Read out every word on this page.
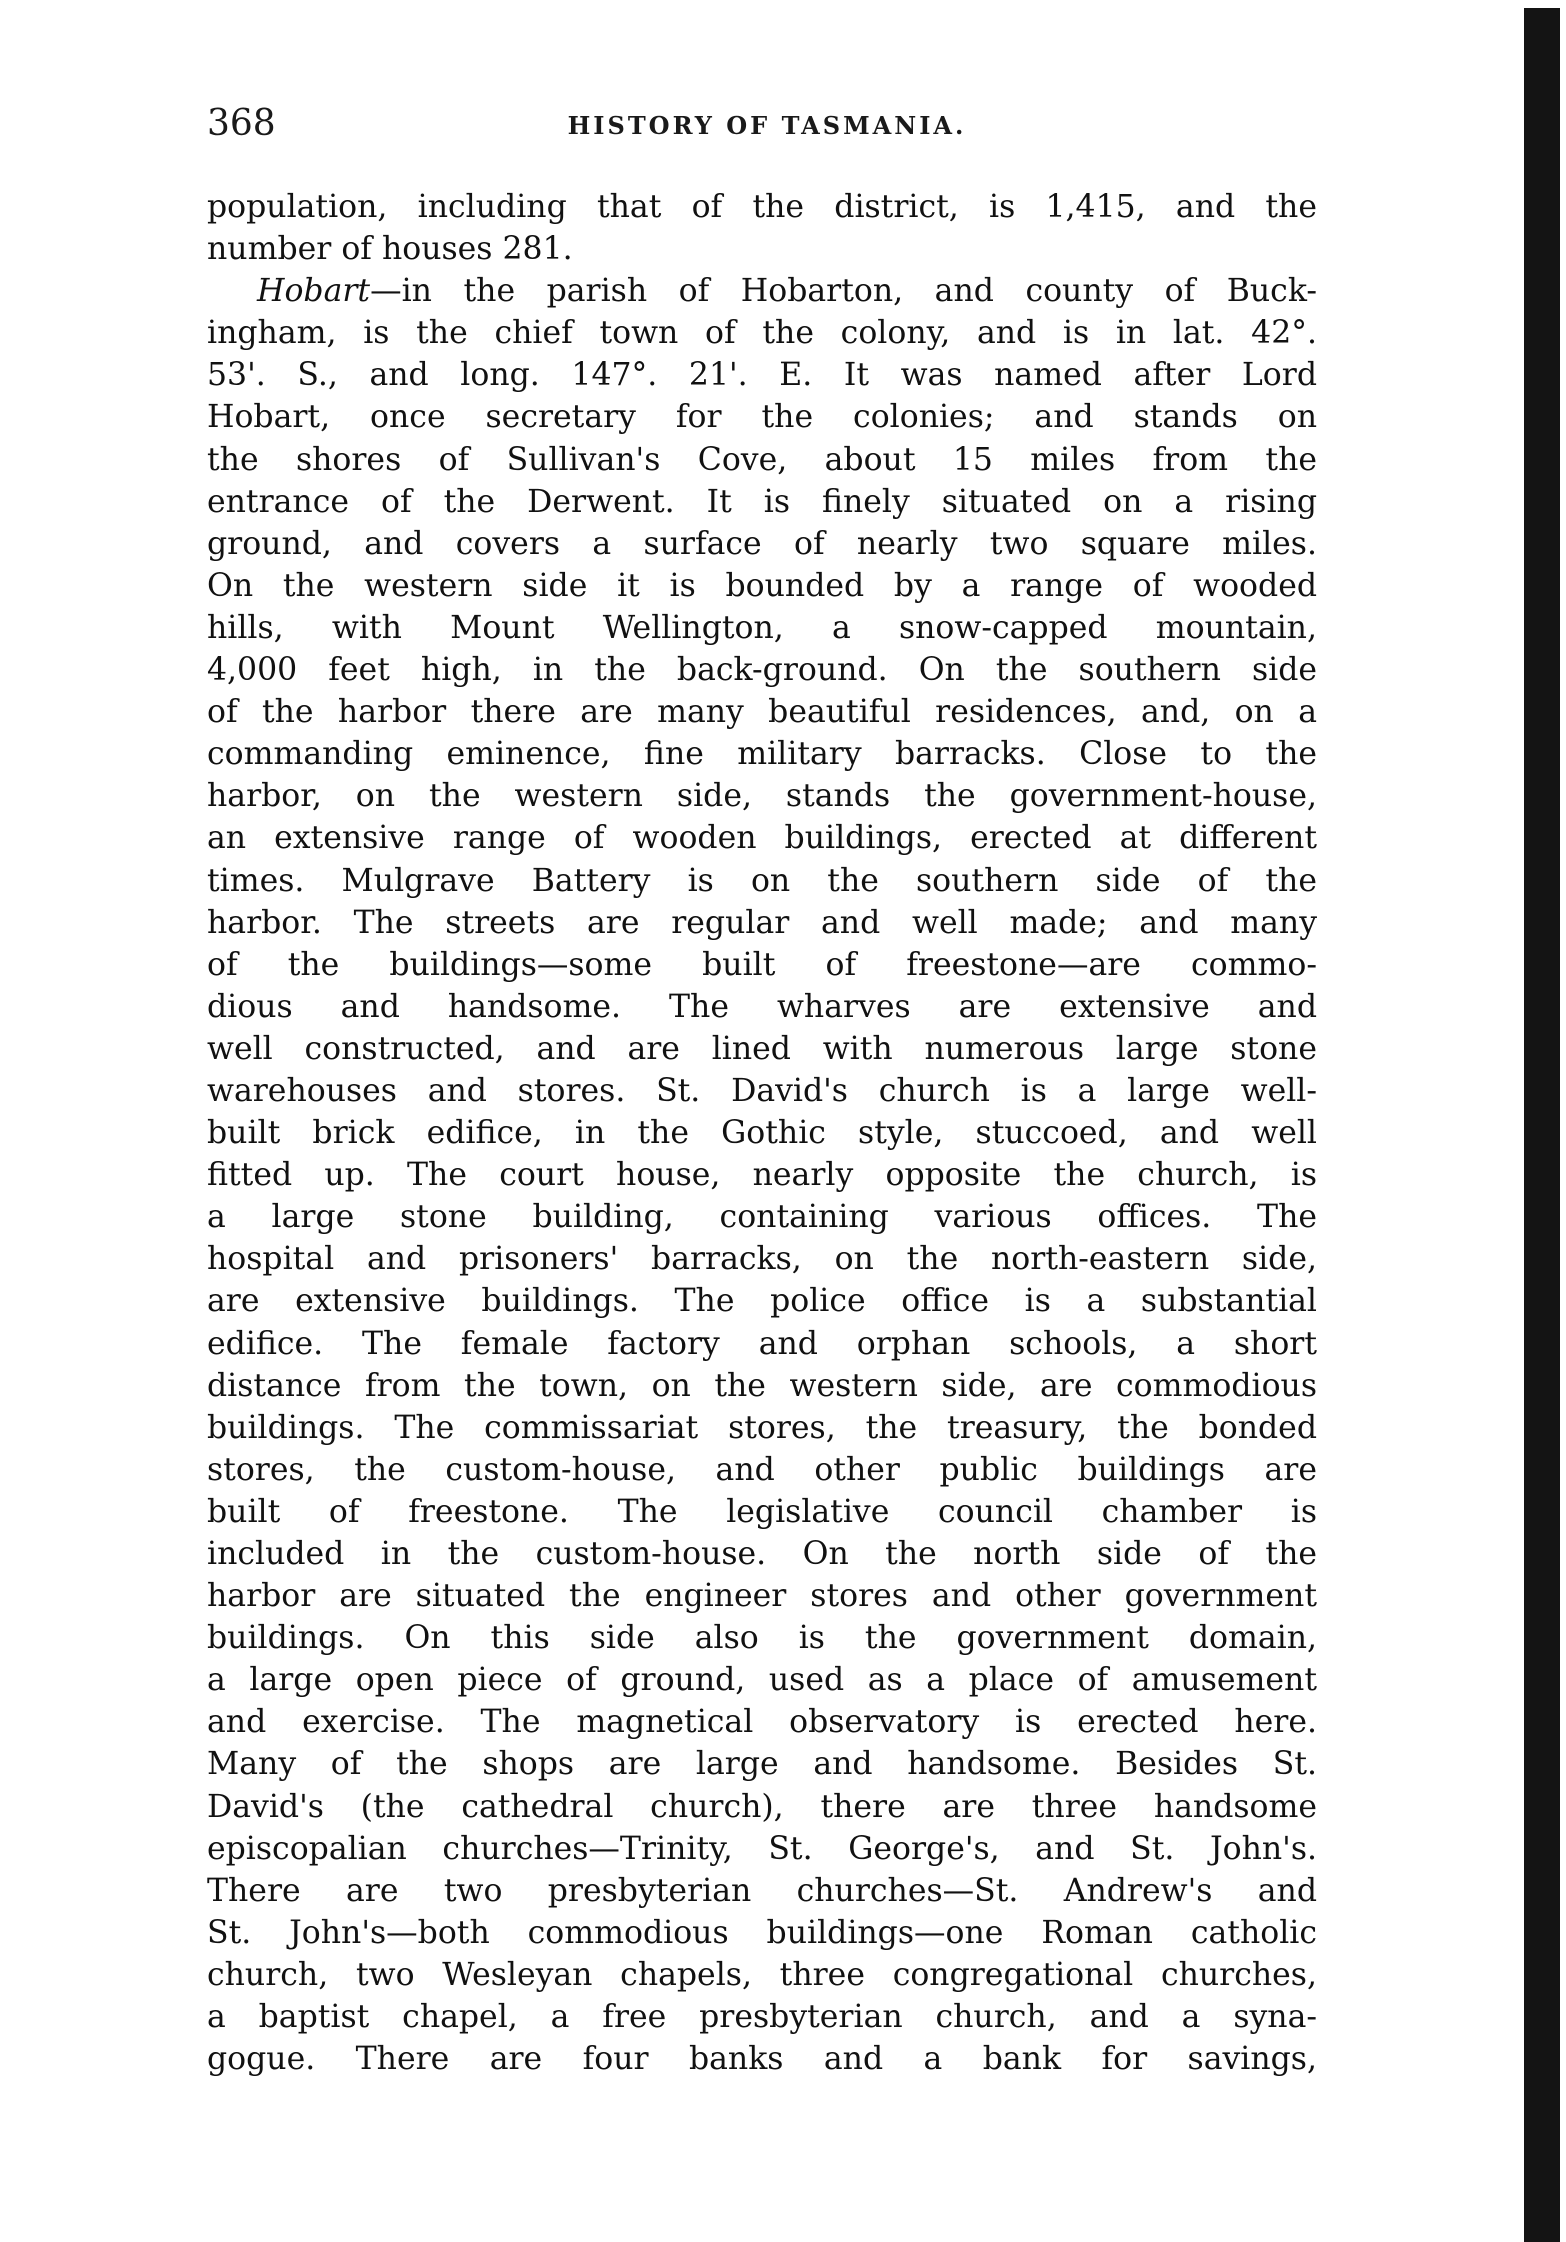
368	HISTORY OF TASMANIA.
population, including that of the district, is 1,415, and the
number of houses 281.
Hobart—in the parish of Hobarton, and county of Buck-
ingham, is the chief town of the colony, and is in lat. 42°.
53'. S., and long. 147°. 21'. E. It was named after Lord
Hobart, once secretary for the colonies; and stands on
the shores of Sullivan's Cove, about 15 miles from the
entrance of the Derwent. It is finely situated on a rising
ground, and covers a surface of nearly two square miles.
On the western side it is bounded by a range of wooded
hills, with Mount Wellington, a snow-capped mountain,
4,000 feet high, in the back-ground. On the southern side
of the harbor there are many beautiful residences, and, on a
commanding eminence, fine military barracks. Close to the
harbor, on the western side, stands the government-house,
an extensive range of wooden buildings, erected at different
times. Mulgrave Battery is on the southern side of the
harbor. The streets are regular and well made; and many
of the buildings—some built of freestone—are commo-
dious and handsome. The wharves are extensive and
well constructed, and are lined with numerous large stone
warehouses and stores. St. David's church is a large well-
built brick edifice, in the Gothic style, stuccoed, and well
fitted up. The court house, nearly opposite the church, is
a large stone building, containing various offices. The
hospital and prisoners' barracks, on the north-eastern side,
are extensive buildings. The police office is a substantial
edifice. The female factory and orphan schools, a short
distance from the town, on the western side, are commodious
buildings. The commissariat stores, the treasury, the bonded
stores, the custom-house, and other public buildings are
built of freestone. The legislative council chamber is
included in the custom-house. On the north side of the
harbor are situated the engineer stores and other government
buildings. On this side also is the government domain,
a large open piece of ground, used as a place of amusement
and exercise. The magnetical observatory is erected here.
Many of the shops are large and handsome. Besides St.
David's (the cathedral church), there are three handsome
episcopalian churches—Trinity, St. George's, and St. John's.
There are two presbyterian churches—St. Andrew's and
St. John's—both commodious buildings—one Roman catholic
church, two Wesleyan chapels, three congregational churches,
a baptist chapel, a free presbyterian church, and a syna-
gogue. There are four banks and a bank for savings,
